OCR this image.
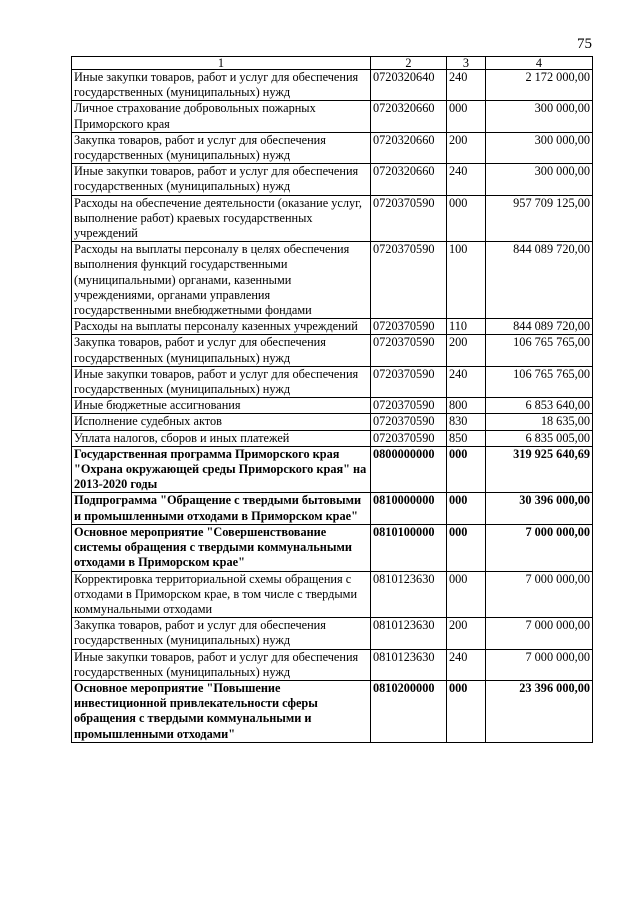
75
1	2	3	4
Иные закупки товаров, работ и услуг для обеспечения государственных (муниципальных) нужд	0720320640	240	2 172 000,00
Личное страхование добровольных пожарных Приморского края	0720320660	000	300 000,00
Закупка товаров, работ и услуг для обеспечения государственных (муниципальных) нужд	0720320660	200	300 000,00
Иные закупки товаров, работ и услуг для обеспечения государственных (муниципальных) нужд	0720320660	240	300 000,00
Расходы на обеспечение деятельности (оказание услуг, выполнение работ) краевых государственных учреждений	0720370590	000	957 709 125,00
Расходы на выплаты персоналу в целях обеспечения выполнения функций государственными (муниципальными) органами, казенными учреждениями, органами управления государственными внебюджетными фондами	0720370590	100	844 089 720,00
Расходы на выплаты персоналу казенных учреждений	0720370590	110	844 089 720,00
Закупка товаров, работ и услуг для обеспечения государственных (муниципальных) нужд	0720370590	200	106 765 765,00
Иные закупки товаров, работ и услуг для обеспечения государственных (муниципальных) нужд	0720370590	240	106 765 765,00
Иные бюджетные ассигнования	0720370590	800	6 853 640,00
Исполнение судебных актов	0720370590	830	18 635,00
Уплата налогов, сборов и иных платежей	0720370590	850	6 835 005,00
Государственная программа Приморского края "Охрана окружающей среды Приморского края" на 2013-2020 годы	0800000000	000	319 925 640,69
Подпрограмма "Обращение с твердыми бытовыми и промышленными отходами в Приморском крае"	0810000000	000	30 396 000,00
Основное мероприятие "Совершенствование системы обращения с твердыми коммунальными отходами в Приморском крае"	0810100000	000	7 000 000,00
Корректировка территориальной схемы обращения с отходами в Приморском крае, в том числе с твердыми коммунальными отходами	0810123630	000	7 000 000,00
Закупка товаров, работ и услуг для обеспечения государственных (муниципальных) нужд	0810123630	200	7 000 000,00
Иные закупки товаров, работ и услуг для обеспечения государственных (муниципальных) нужд	0810123630	240	7 000 000,00
Основное мероприятие "Повышение инвестиционной привлекательности сферы обращения с твердыми коммунальными и промышленными отходами"	0810200000	000	23 396 000,00
